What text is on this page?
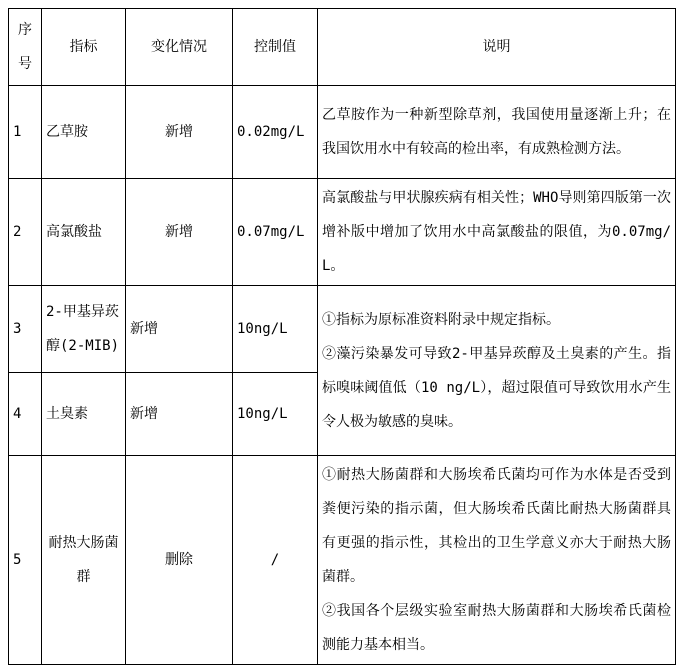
序号	指标	变化情况	控制值	说明
1	乙草胺	新增	0.02mg/L	乙草胺作为一种新型除草剂，我国使用量逐渐上升；在我国饮用水中有较高的检出率，有成熟检测方法。

2	高氯酸盐	新增	0.07mg/L	高氯酸盐与甲状腺疾病有相关性；WHO导则第四版第一次增补版中增加了饮用水中高氯酸盐的限值，为0.07mg/L。

3	2-甲基异莰醇(2-MIB)	新增	10ng/L	①指标为原标准资料附录中规定指标。

②藻污染暴发可导致2-甲基异莰醇及土臭素的产生。指标嗅味阈值低（10 ng/L），超过限值可导致饮用水产生令人极为敏感的臭味。

4	土臭素	新增	10ng/L	
5	耐热大肠菌群	删除	/	①耐热大肠菌群和大肠埃希氏菌均可作为水体是否受到粪便污染的指示菌，但大肠埃希氏菌比耐热大肠菌群具有更强的指示性，其检出的卫生学意义亦大于耐热大肠菌群。

②我国各个层级实验室耐热大肠菌群和大肠埃希氏菌检测能力基本相当。
